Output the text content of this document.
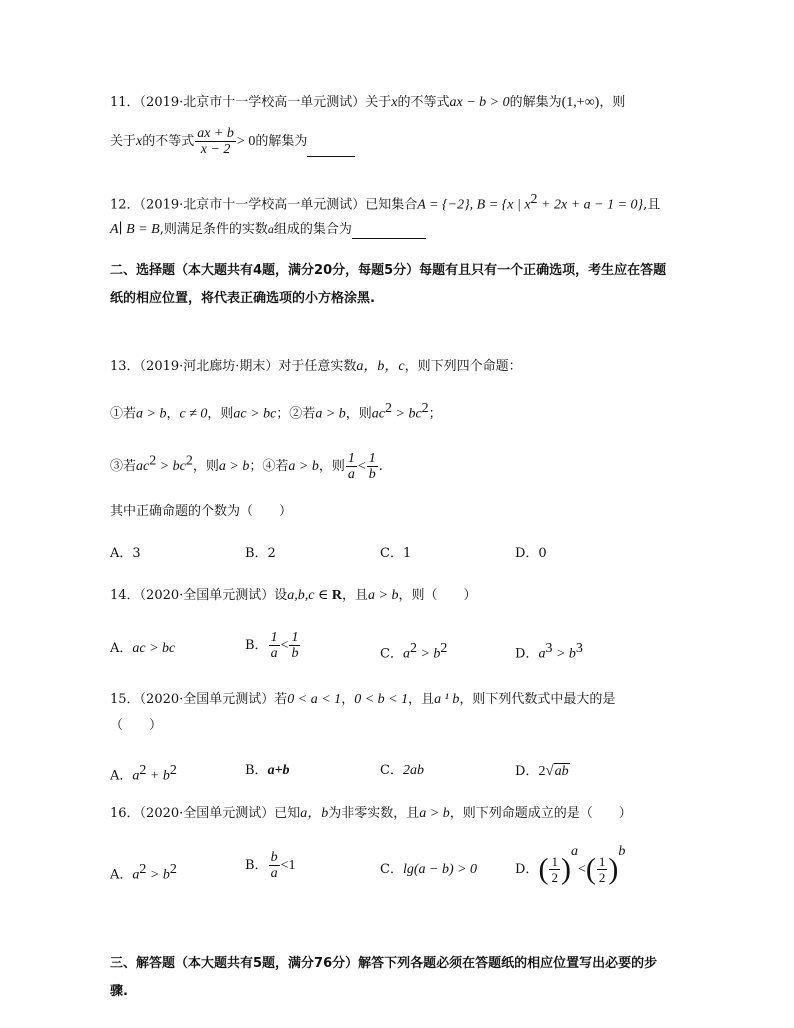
11．（2019·北京市十一学校高一单元测试）关于x的不等式ax − b > 0的解集为(1,+∞)，则
关于x的不等式 $\frac{ax + b}{x - 2} > 0$的解集为
12．（2019·北京市十一学校高一单元测试）已知集合A = {−2}, B = {x | $x^2 + 2x + a - 1 = 0$},且
A∣ B = B,则满足条件的实数a组成的集合为
二、选择题（本大题共有4题，满分20分，每题5分）每题有且只有一个正确选项，考生应在答题
纸的相应位置，将代表正确选项的小方格涂黑.
13．（2019·河北廊坊·期末）对于任意实数a，b，c，则下列四个命题：
①若a > b，c ≠ 0，则ac > bc；②若a > b，则$ac^2 > bc^2$；
③若$ac^2 > bc^2$，则a > b；④若a > b，则 $\frac{1}{a} < \frac{1}{b}$ .
其中正确命题的个数为（　　）
A．3	B．2	C．1	D．0
14．（2020·全国单元测试）设a,b,c ∈ R，且a > b，则（　　）
A．ac > bc	B． $\frac{1}{a} < \frac{1}{b}$	C．$a^2 > b^2$	D．$a^3 > b^3$
15．（2020·全国单元测试）若0 < a < 1，0 < b < 1，且a ¹ b，则下列代数式中最大的是
（　　）
A．$a^2 + b^2$	B．a+b	C．2ab	D．2√ab
16．（2020·全国单元测试）已知a，b为非零实数，且a > b，则下列命题成立的是（　　）
A．$a^2 > b^2$	B． $\frac{b}{a} <1$	C．lg(a − b) > 0	D．( $\frac{1}{2} )^a<( \frac{1}{2} )^b$
三、解答题（本大题共有5题，满分76分）解答下列各题必须在答题纸的相应位置写出必要的步
骤.
